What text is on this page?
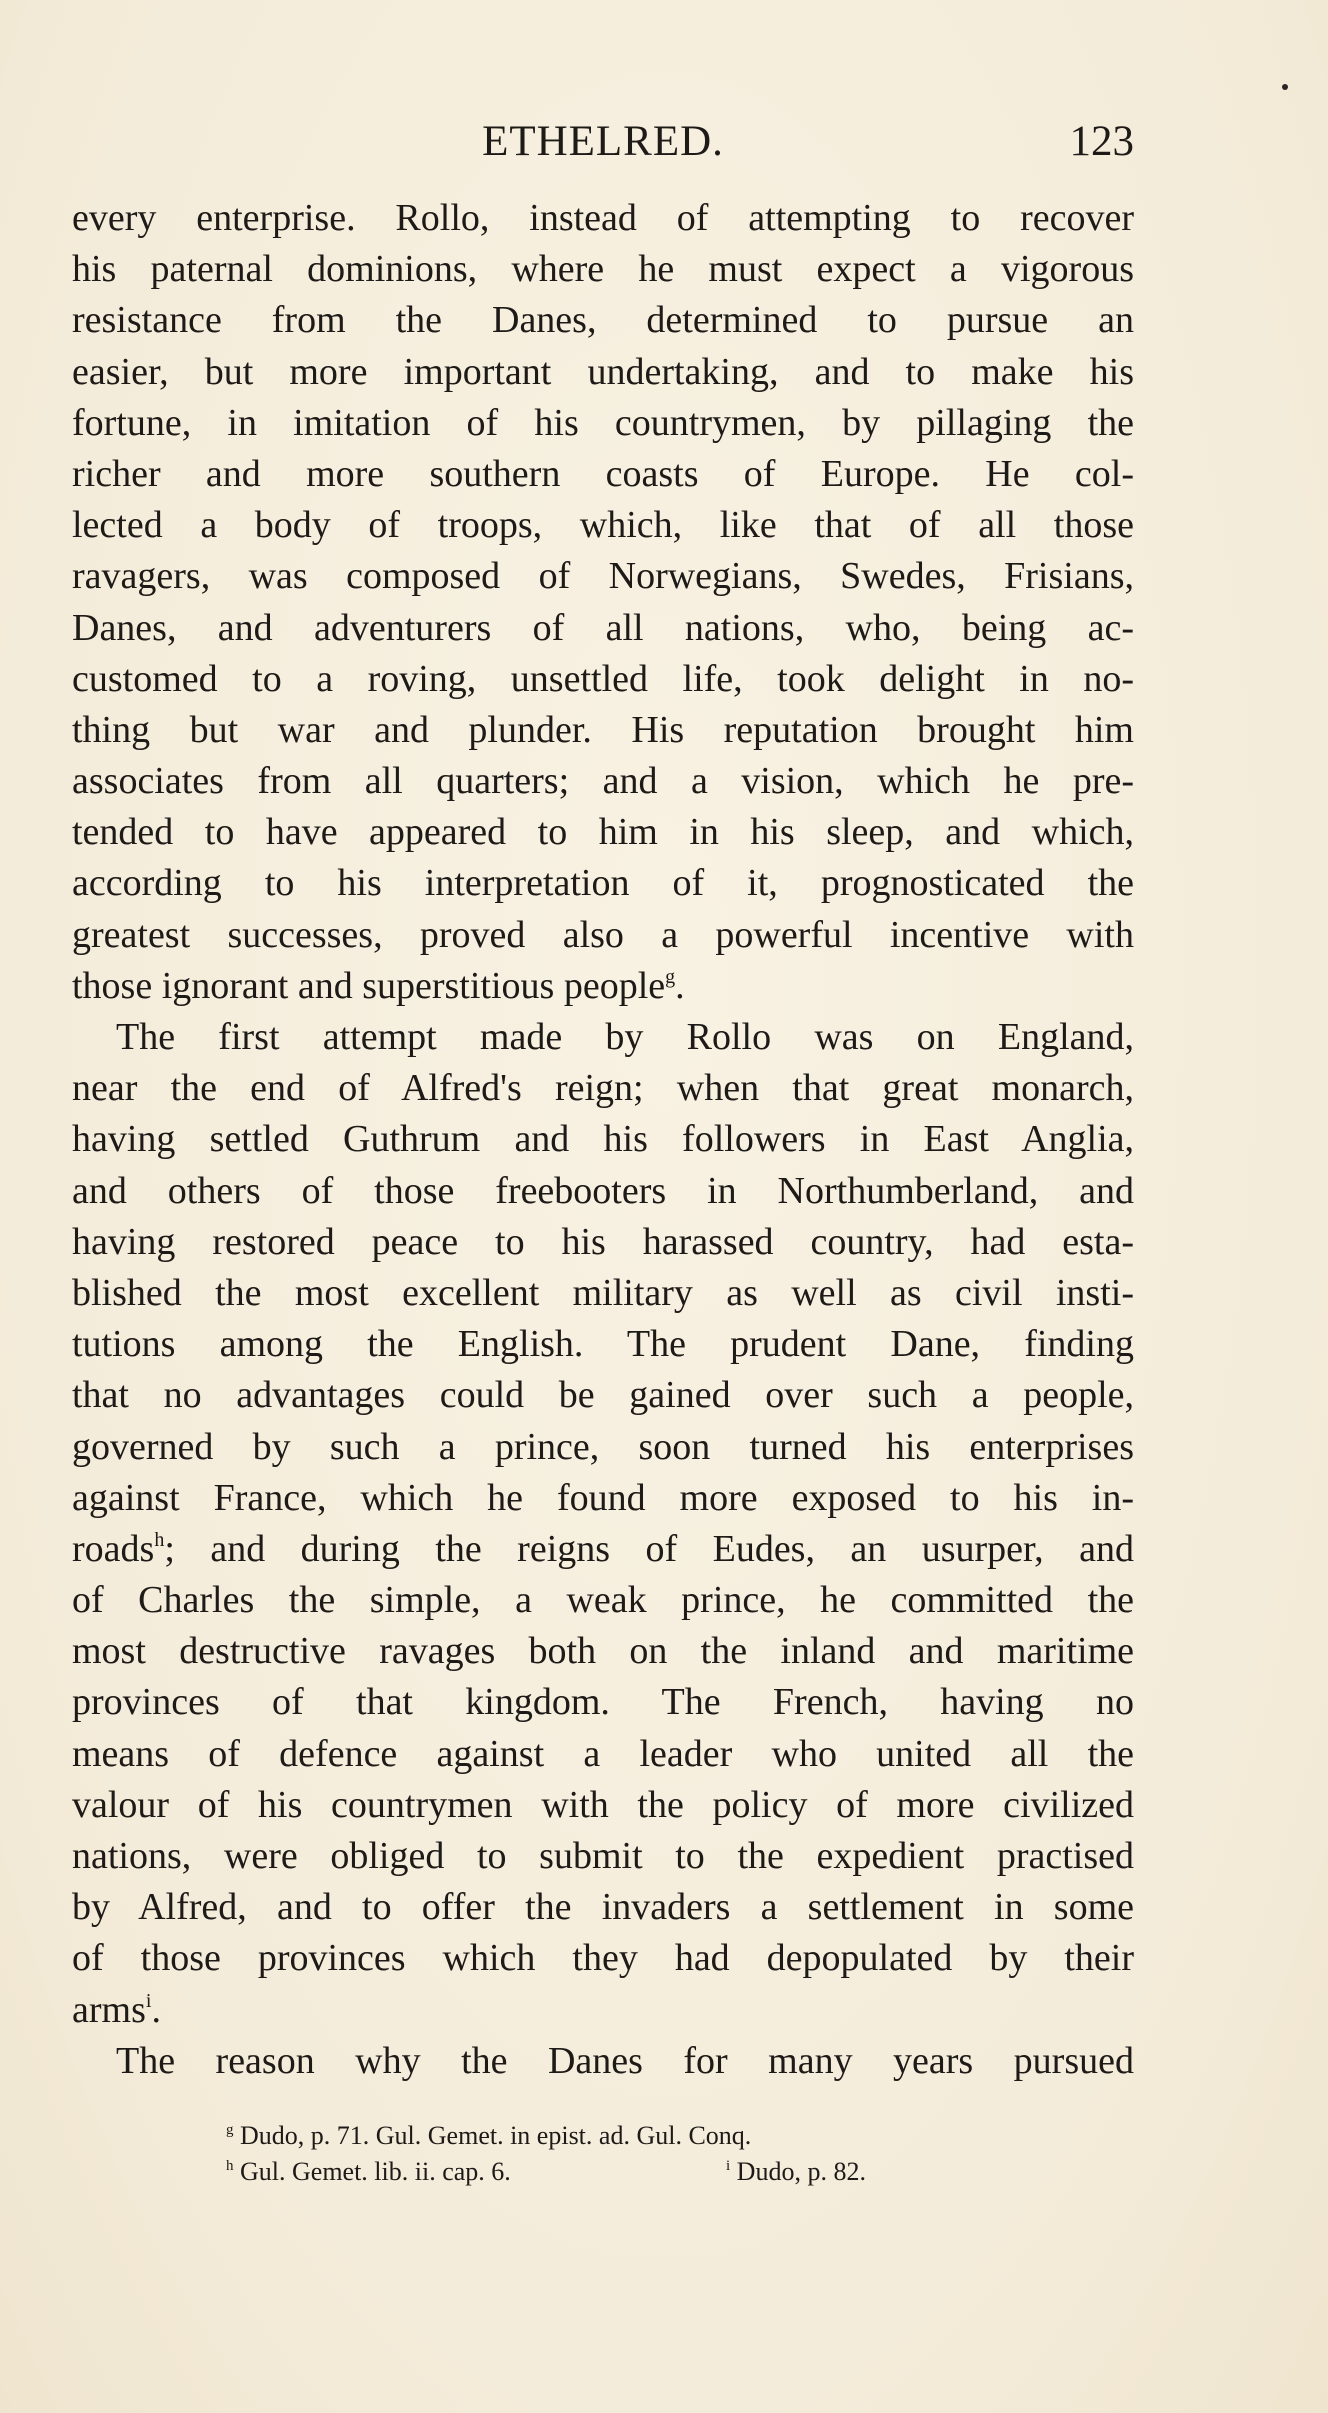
ETHELRED.	123
every enterprise. Rollo, instead of attempting to recover
his paternal dominions, where he must expect a vigorous
resistance from the Danes, determined to pursue an
easier, but more important undertaking, and to make his
fortune, in imitation of his countrymen, by pillaging the
richer and more southern coasts of Europe. He col-
lected a body of troops, which, like that of all those
ravagers, was composed of Norwegians, Swedes, Frisians,
Danes, and adventurers of all nations, who, being ac-
customed to a roving, unsettled life, took delight in no-
thing but war and plunder. His reputation brought him
associates from all quarters; and a vision, which he pre-
tended to have appeared to him in his sleep, and which,
according to his interpretation of it, prognosticated the
greatest successes, proved also a powerful incentive with
those ignorant and superstitious people$^g$.
The first attempt made by Rollo was on England,
near the end of Alfred's reign; when that great monarch,
having settled Guthrum and his followers in East Anglia,
and others of those freebooters in Northumberland, and
having restored peace to his harassed country, had esta-
blished the most excellent military as well as civil insti-
tutions among the English. The prudent Dane, finding
that no advantages could be gained over such a people,
governed by such a prince, soon turned his enterprises
against France, which he found more exposed to his in-
roads$^h$; and during the reigns of Eudes, an usurper, and
of Charles the simple, a weak prince, he committed the
most destructive ravages both on the inland and maritime
provinces of that kingdom. The French, having no
means of defence against a leader who united all the
valour of his countrymen with the policy of more civilized
nations, were obliged to submit to the expedient practised
by Alfred, and to offer the invaders a settlement in some
of those provinces which they had depopulated by their
arms$^i$.
The reason why the Danes for many years pursued
$^g$ Dudo, p. 71. Gul. Gemet. in epist. ad. Gul. Conq.
$^h$ Gul. Gemet. lib. ii. cap. 6.	$^i$ Dudo, p. 82.
